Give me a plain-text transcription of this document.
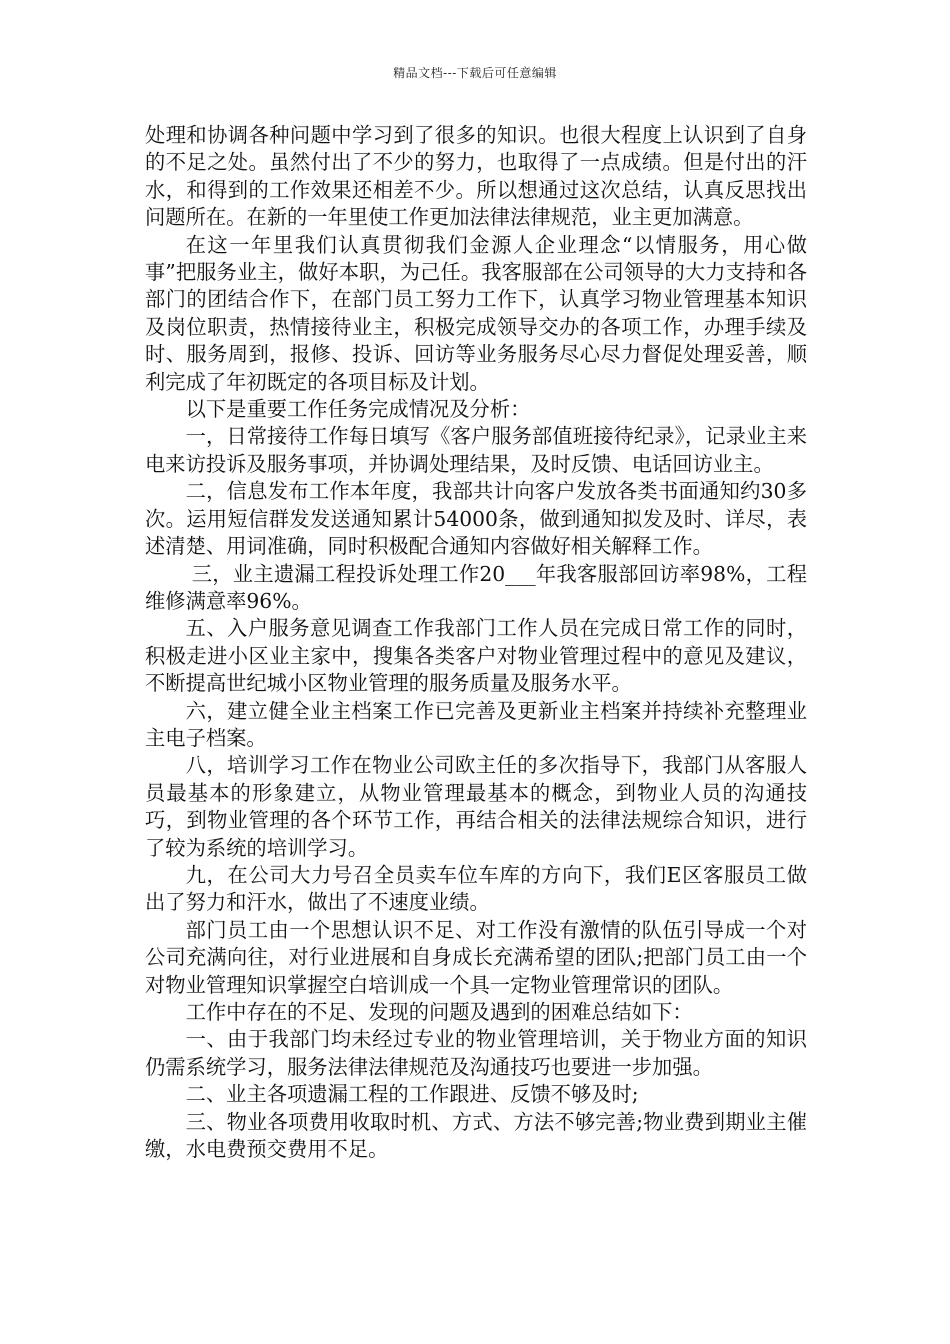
精品文档---下载后可任意编辑

处理和协调各种问题中学习到了很多的知识。也很大程度上认识到了自身的不足之处。虽然付出了不少的努力，也取得了一点成绩。但是付出的汗水，和得到的工作效果还相差不少。所以想通过这次总结，认真反思找出问题所在。在新的一年里使工作更加法律法律规范，业主更加满意。

在这一年里我们认真贯彻我们金源人企业理念“以情服务，用心做事”把服务业主，做好本职，为己任。我客服部在公司领导的大力支持和各部门的团结合作下，在部门员工努力工作下，认真学习物业管理基本知识及岗位职责，热情接待业主，积极完成领导交办的各项工作，办理手续及时、服务周到，报修、投诉、回访等业务服务尽心尽力督促处理妥善，顺利完成了年初既定的各项目标及计划。

以下是重要工作任务完成情况及分析：

一，日常接待工作每日填写《客户服务部值班接待纪录》，记录业主来电来访投诉及服务事项，并协调处理结果，及时反馈、电话回访业主。

二，信息发布工作本年度，我部共计向客户发放各类书面通知约30多次。运用短信群发发送通知累计54000条，做到通知拟发及时、详尽，表述清楚、用词准确，同时积极配合通知内容做好相关解释工作。

三，业主遗漏工程投诉处理工作20___年我客服部回访率98%，工程维修满意率96%。

五、入户服务意见调查工作我部门工作人员在完成日常工作的同时，积极走进小区业主家中，搜集各类客户对物业管理过程中的意见及建议，不断提高世纪城小区物业管理的服务质量及服务水平。

六，建立健全业主档案工作已完善及更新业主档案并持续补充整理业主电子档案。

八，培训学习工作在物业公司欧主任的多次指导下，我部门从客服人员最基本的形象建立，从物业管理最基本的概念，到物业人员的沟通技巧，到物业管理的各个环节工作，再结合相关的法律法规综合知识，进行了较为系统的培训学习。

九，在公司大力号召全员卖车位车库的方向下，我们E区客服员工做出了努力和汗水，做出了不速度业绩。

部门员工由一个思想认识不足、对工作没有激情的队伍引导成一个对公司充满向往，对行业进展和自身成长充满希望的团队;把部门员工由一个对物业管理知识掌握空白培训成一个具一定物业管理常识的团队。

工作中存在的不足、发现的问题及遇到的困难总结如下：

一、由于我部门均未经过专业的物业管理培训，关于物业方面的知识仍需系统学习，服务法律法律规范及沟通技巧也要进一步加强。

二、业主各项遗漏工程的工作跟进、反馈不够及时;

三、物业各项费用收取时机、方式、方法不够完善;物业费到期业主催缴，水电费预交费用不足。
